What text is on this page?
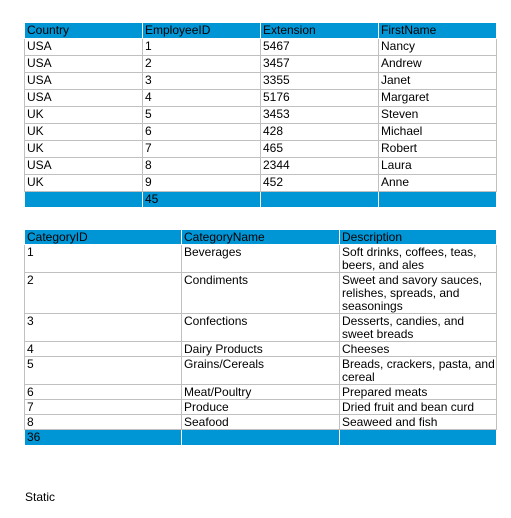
Country	EmployeeID	Extension	FirstName
USA	1	5467	Nancy
USA	2	3457	Andrew
USA	3	3355	Janet
USA	4	5176	Margaret
UK	5	3453	Steven
UK	6	428	Michael
UK	7	465	Robert
USA	8	2344	Laura
UK	9	452	Anne
	45		
CategoryID	CategoryName	Description
1	Beverages	Soft drinks, coffees, teas, beers, and ales
2	Condiments	Sweet and savory sauces, relishes, spreads, and seasonings
3	Confections	Desserts, candies, and sweet breads
4	Dairy Products	Cheeses
5	Grains/Cereals	Breads, crackers, pasta, and cereal
6	Meat/Poultry	Prepared meats
7	Produce	Dried fruit and bean curd
8	Seafood	Seaweed and fish
36		
Static
